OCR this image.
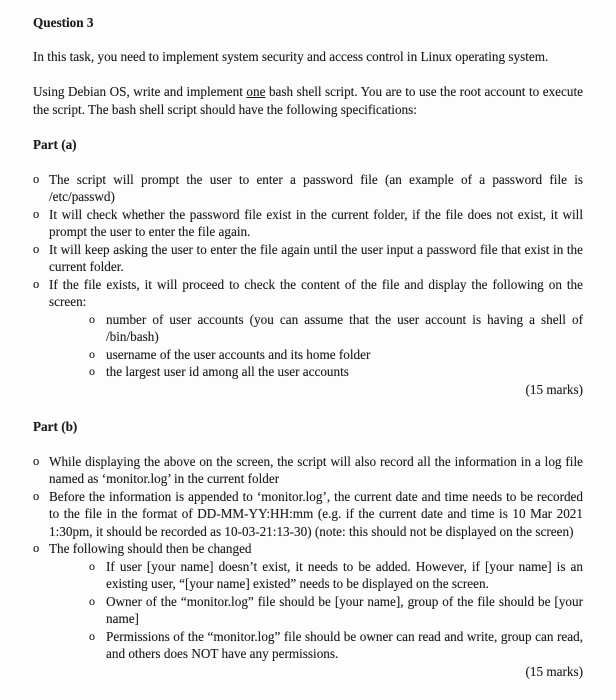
Question 3

In this task, you need to implement system security and access control in Linux operating system.

Using Debian OS, write and implement one bash shell script. You are to use the root account to execute the script. The bash shell script should have the following specifications:

Part (a)
o The script will prompt the user to enter a password file (an example of a password file is /etc/passwd)
o It will check whether the password file exist in the current folder, if the file does not exist, it will prompt the user to enter the file again.
o It will keep asking the user to enter the file again until the user input a password file that exist in the current folder.
o If the file exists, it will proceed to check the content of the file and display the following on the screen:
o number of user accounts (you can assume that the user account is having a shell of /bin/bash)
o username of the user accounts and its home folder
o the largest user id among all the user accounts
(15 marks)
Part (b)
o While displaying the above on the screen, the script will also record all the information in a log file named as ‘monitor.log’ in the current folder
o Before the information is appended to ‘monitor.log’, the current date and time needs to be recorded to the file in the format of DD-MM-YY:HH:mm (e.g. if the current date and time is 10 Mar 2021 1:30pm, it should be recorded as 10-03-21:13-30) (note: this should not be displayed on the screen)
o The following should then be changed
o If user [your name] doesn’t exist, it needs to be added. However, if [your name] is an existing user, “[your name] existed” needs to be displayed on the screen.
o Owner of the “monitor.log” file should be [your name], group of the file should be [your name]
o Permissions of the “monitor.log” file should be owner can read and write, group can read, and others does NOT have any permissions.
(15 marks)
